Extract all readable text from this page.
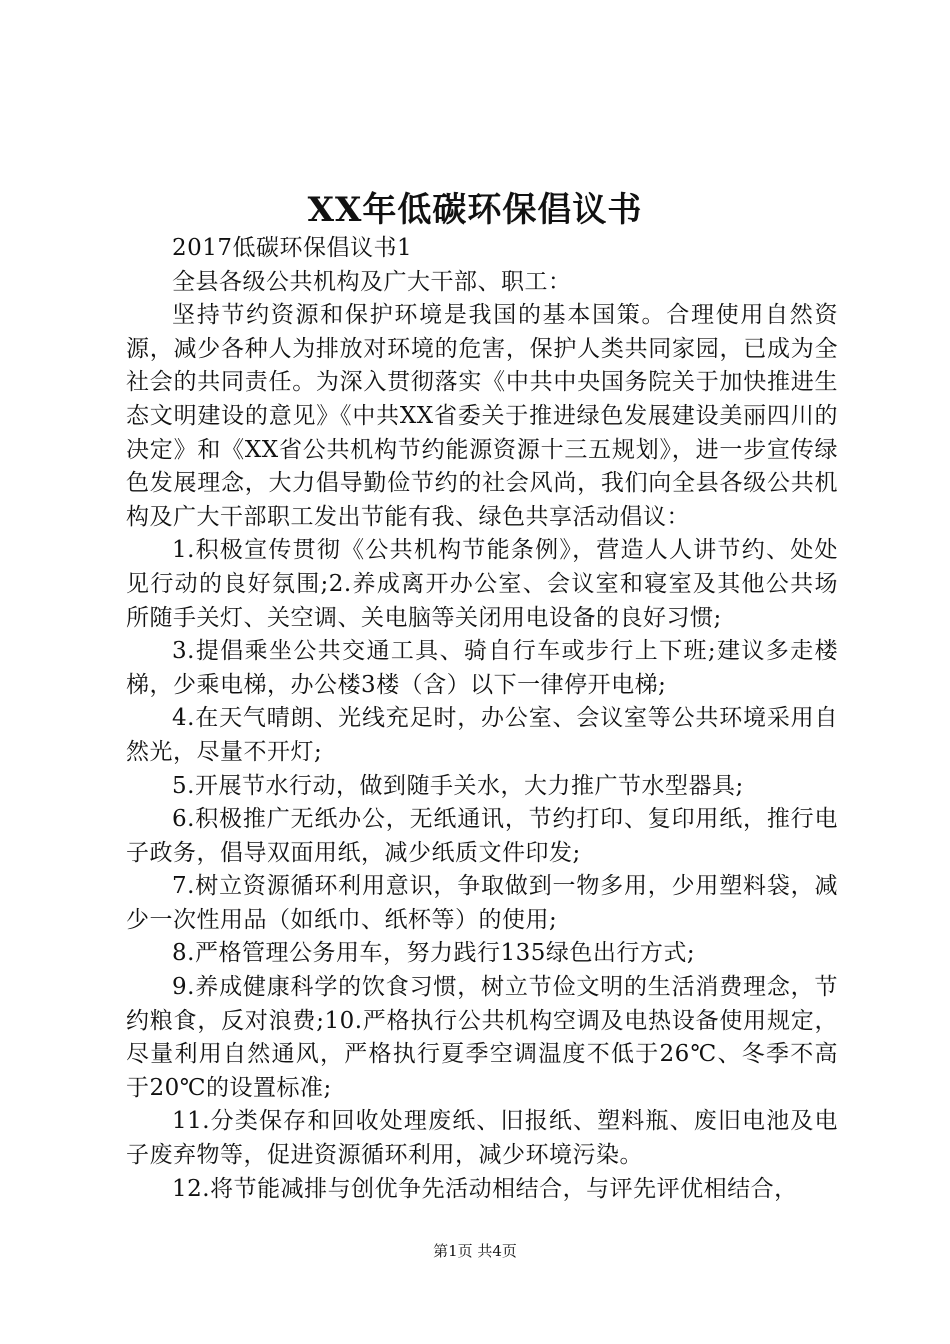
XX年低碳环保倡议书

2017低碳环保倡议书1

全县各级公共机构及广大干部、职工：

坚持节约资源和保护环境是我国的基本国策。合理使用自然资源，减少各种人为排放对环境的危害，保护人类共同家园，已成为全社会的共同责任。为深入贯彻落实《中共中央国务院关于加快推进生态文明建设的意见》《中共XX省委关于推进绿色发展建设美丽四川的决定》和《XX省公共机构节约能源资源十三五规划》，进一步宣传绿色发展理念，大力倡导勤俭节约的社会风尚，我们向全县各级公共机构及广大干部职工发出节能有我、绿色共享活动倡议：

1.积极宣传贯彻《公共机构节能条例》，营造人人讲节约、处处见行动的良好氛围;2.养成离开办公室、会议室和寝室及其他公共场所随手关灯、关空调、关电脑等关闭用电设备的良好习惯;

3.提倡乘坐公共交通工具、骑自行车或步行上下班;建议多走楼梯，少乘电梯，办公楼3楼（含）以下一律停开电梯;

4.在天气晴朗、光线充足时，办公室、会议室等公共环境采用自然光，尽量不开灯;

5.开展节水行动，做到随手关水，大力推广节水型器具;

6.积极推广无纸办公，无纸通讯，节约打印、复印用纸，推行电子政务，倡导双面用纸，减少纸质文件印发;

7.树立资源循环利用意识，争取做到一物多用，少用塑料袋，减少一次性用品（如纸巾、纸杯等）的使用;

8.严格管理公务用车，努力践行135绿色出行方式;

9.养成健康科学的饮食习惯，树立节俭文明的生活消费理念，节约粮食，反对浪费;10.严格执行公共机构空调及电热设备使用规定，尽量利用自然通风，严格执行夏季空调温度不低于26℃、冬季不高于20℃的设置标准;

11.分类保存和回收处理废纸、旧报纸、塑料瓶、废旧电池及电子废弃物等，促进资源循环利用，减少环境污染。

12.将节能减排与创优争先活动相结合，与评先评优相结合，

第1页 共4页
